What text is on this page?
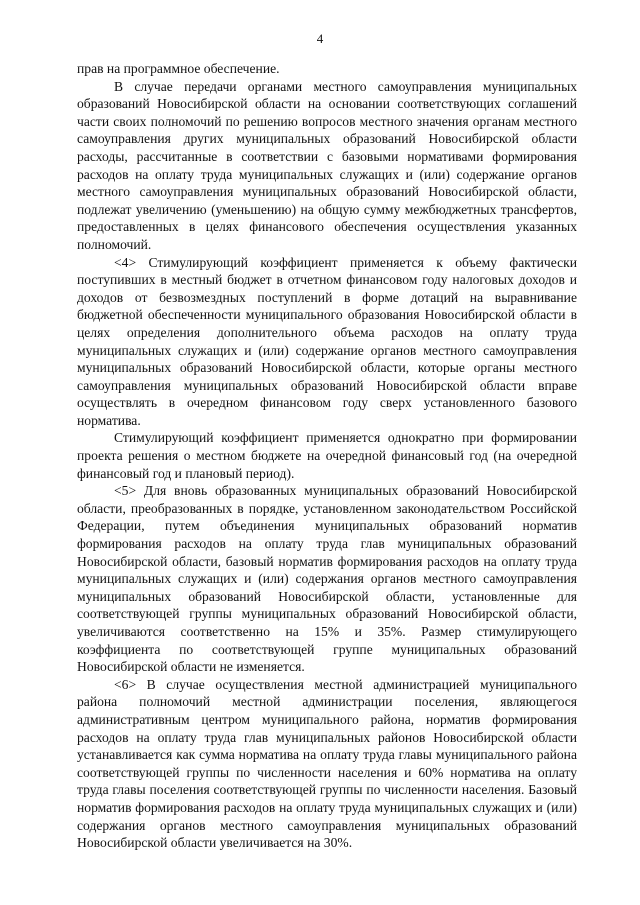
4

прав на программное обеспечение.

В случае передачи органами местного самоуправления муниципальных образований Новосибирской области на основании соответствующих соглашений части своих полномочий по решению вопросов местного значения органам местного самоуправления других муниципальных образований Новосибирской области расходы, рассчитанные в соответствии с базовыми нормативами формирования расходов на оплату труда муниципальных служащих и (или) содержание органов местного самоуправления муниципальных образований Новосибирской области, подлежат увеличению (уменьшению) на общую сумму межбюджетных трансфертов, предоставленных в целях финансового обеспечения осуществления указанных полномочий.

<4> Стимулирующий коэффициент применяется к объему фактически поступивших в местный бюджет в отчетном финансовом году налоговых доходов и доходов от безвозмездных поступлений в форме дотаций на выравнивание бюджетной обеспеченности муниципального образования Новосибирской области в целях определения дополнительного объема расходов на оплату труда муниципальных служащих и (или) содержание органов местного самоуправления муниципальных образований Новосибирской области, которые органы местного самоуправления муниципальных образований Новосибирской области вправе осуществлять в очередном финансовом году сверх установленного базового норматива.

Стимулирующий коэффициент применяется однократно при формировании проекта решения о местном бюджете на очередной финансовый год (на очередной финансовый год и плановый период).

<5> Для вновь образованных муниципальных образований Новосибирской области, преобразованных в порядке, установленном законодательством Российской Федерации, путем объединения муниципальных образований норматив формирования расходов на оплату труда глав муниципальных образований Новосибирской области, базовый норматив формирования расходов на оплату труда муниципальных служащих и (или) содержания органов местного самоуправления муниципальных образований Новосибирской области, установленные для соответствующей группы муниципальных образований Новосибирской области, увеличиваются соответственно на 15% и 35%. Размер стимулирующего коэффициента по соответствующей группе муниципальных образований Новосибирской области не изменяется.

<6> В случае осуществления местной администрацией муниципального района полномочий местной администрации поселения, являющегося административным центром муниципального района, норматив формирования расходов на оплату труда глав муниципальных районов Новосибирской области устанавливается как сумма норматива на оплату труда главы муниципального района соответствующей группы по численности населения и 60% норматива на оплату труда главы поселения соответствующей группы по численности населения. Базовый норматив формирования расходов на оплату труда муниципальных служащих и (или) содержания органов местного самоуправления муниципальных образований Новосибирской области увеличивается на 30%.
